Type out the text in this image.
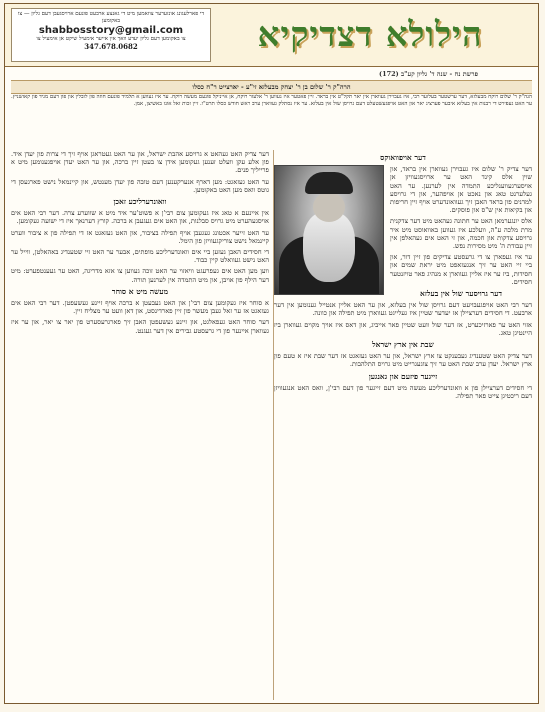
די פארלעגונג אונזערער צוזאמען מיט די גאנצע ארבעט פונעם ארויסגעבן דעם גליון — צו באקומען
shabbosstory@gmail.com
צו באקומען דעם גליון יעדע וואך אין אייער אימעיל שיקט אן אימעיל צו
347.678.0682	הילולא דצדיקיא
פרשת נח - שנה ד' גליון קע"ב (172)
הרה"ק ר' שלום בן ר' יצחק מבעלזא זי"ע - יארצייט ר"ח כסלו
הגה"ק ר' שלום רוקח מבעלזא, דער ערשטער בעלזער רבי, איז געבוירן געווארן אין יאר תקל"ט אין בראד. זיין פאטער איז געווען ר' אלעזר רוקח, אן אייניקל פונעם מעשה רוקח. ער איז געווען א תלמיד פונעם חוזה פון לובלין און פון דעם מגיד פון קאזשניץ. ער האט געפירט די רבנות אין בעלזא איבער פערציג יאר און האט אויפגעשטעלט דעם גרויסן שול אין בעלזא. ער איז נסתלק געווארן ערב ראש חודש כסלו תרט"ו. זיין זכות זאל אונז באשיצן, אמן.
דער אויפוואוקס

דער צדיק ר' שלום איז געבוירן געווארן אין בראד, און שוין אלס קינד האט ער ארויסגעוויזן אן אויסערגעווענליכע התמדה אין לערנען. ער האט געלערנט טאג און נאכט אן אויפהער, און די גרויסע למדנים פון בראד האבן זיך געוואונדערט אויף זיין חריפות און בקיאות אין ש"ס און פוסקים.

אלס יונגערמאן האט ער חתונה געהאט מיט דער צדקנית מרת מלכה ע"ה, וועלכע איז געווען באוואוסט מיט איר גרויסע צדקות און חכמה, און זי האט אים געהאלפן אין זיין עבודת ה' מיט מסירות נפש.

ער איז געפארן צו די גרעסטע צדיקים פון זיין דור, און ביי זיי האט ער זיך אנגעזאפט מיט יראת שמים און חסידות, ביז ער איז אליין געווארן א מנהיג פאר טויזנטער חסידים.

דער גרויסער שול אין בעלזא

דער רבי האט אויפגעבויעט דעם גרויסן שול אין בעלזא, און ער האט אליין אנטייל גענומען אין דער ארבעט. די חסידים דערציילן אז יעדער שטיין איז געלייגט געווארן מיט תפילה און כוונה.

אזוי האט ער פארזיכערט, אז דער שול וועט שטיין פאר אייביג, און דאס איז אויך מקוים געווארן ביז היינטיגן טאג.

שבת אין ארץ ישראל

דער צדיק האט שטענדיג געבענקט צו ארץ ישראל, און ער האט געזאגט אז דער שבת איז א טעם פון ארץ ישראל. יעדן ערב שבת האט ער זיך צוגעגרייט מיט גרויס התלהבות.

זייגער פיזעם און גאנגען

די חסידים דערציילן פון א וואונדערליכע מעשה מיט דעם זייגער פון דעם רבי'ן, וואס האט אנגעוויזן דעם ריכטיגן צייט פאר תפילה.

דער צדיק האט געהאט א גרויסע אהבת ישראל, און ער האט געטראגן אויף זיך די צרות פון יעדן איד. פון אלע עקן וועלט זענען געקומען אידן צו בעטן זיין ברכה, און ער האט יעדן אויפגענומען מיט א פרייליך פנים.

ער האט געזאגט: מען דארף אנערקענען דעם טובה פון יעדן מענטש, און קיינמאל נישט פארגעסן די גוטס וואס מען האט באקומען.

וואונדערליכע זאכן

אין איינעם א טאג איז געקומען צום רבי'ן א פשוט'ער איד מיט א שווערע צרה. דער רבי האט אים אויסגעהערט מיט גרויס סבלנות, און האט אים געגעבן א ברכה. קורץ דערנאך איז די ישועה געקומען.

ער האט זייער אכטונג געגעבן אויף תפילה בציבור, און האט געזאגט אז די תפילה פון א ציבור ווערט קיינמאל נישט צוריקגעוויזן פון הימל.

די חסידים האבן געזען ביי אים וואונדערליכע מופתים, אבער ער האט זיי שטענדיג באהאלטן, ווייל ער האט נישט געוואלט קיין כבוד.

ווען מען האט אים געפרעגט וויאזוי ער האט זוכה געווען צו אזא מדריגה, האט ער געענטפערט: מיט דער הילף פון אויבן, און מיט התמדה אין לערנען תורה.

מעשה מיט א סוחר

א סוחר איז געקומען צום רבי'ן און האט געבעטן א ברכה אויף זיינע געשעפטן. דער רבי האט אים געזאגט אז ער זאל געבן מעשר פון זיין פארדינסט, און דאן וועט ער מצליח זיין.

דער סוחר האט געפאלגט, און זיינע געשעפטן האבן זיך פארגרעסערט פון יאר צו יאר, און ער איז געווארן איינער פון די גרעסטע גבירים אין דער געגנט.
